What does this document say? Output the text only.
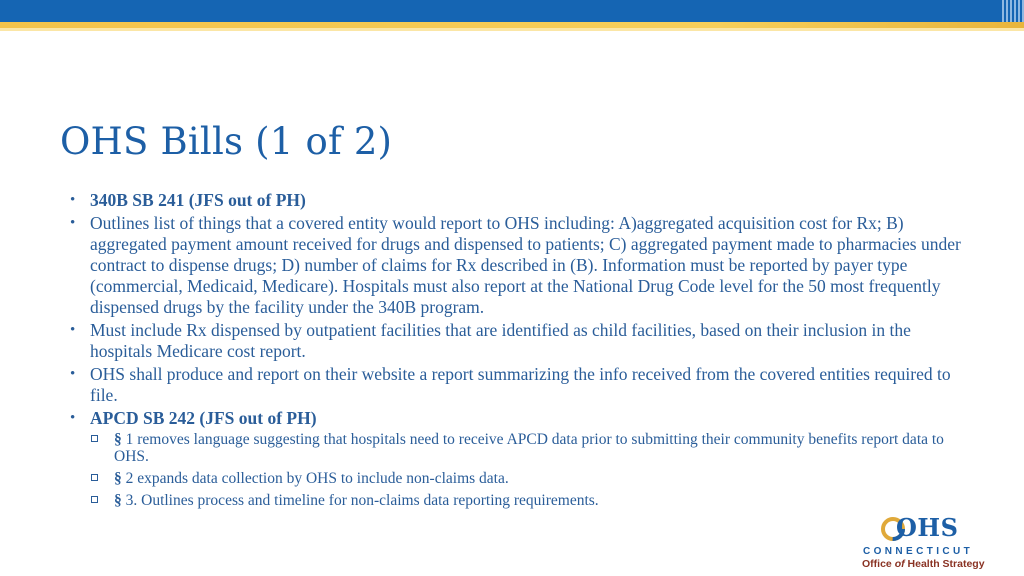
OHS Bills (1 of 2)
• 340B SB 241 (JFS out of PH)
• Outlines list of things that a covered entity would report to OHS including: A)aggregated acquisition cost for Rx; B) aggregated payment amount received for drugs and dispensed to patients; C) aggregated payment made to pharmacies under contract to dispense drugs; D) number of claims for Rx described in (B). Information must be reported by payer type (commercial, Medicaid, Medicare). Hospitals must also report at the National Drug Code level for the 50 most frequently dispensed drugs by the facility under the 340B program.
• Must include Rx dispensed by outpatient facilities that are identified as child facilities, based on their inclusion in the hospitals Medicare cost report.
• OHS shall produce and report on their website a report summarizing the info received from the covered entities required to file.
• APCD SB 242 (JFS out of PH)
§ 1 removes language suggesting that hospitals need to receive APCD data prior to submitting their community benefits report data to OHS.
§ 2 expands data collection by OHS to include non-claims data.
§ 3. Outlines process and timeline for non-claims data reporting requirements.
OHS
CONNECTICUT
Office of Health Strategy
